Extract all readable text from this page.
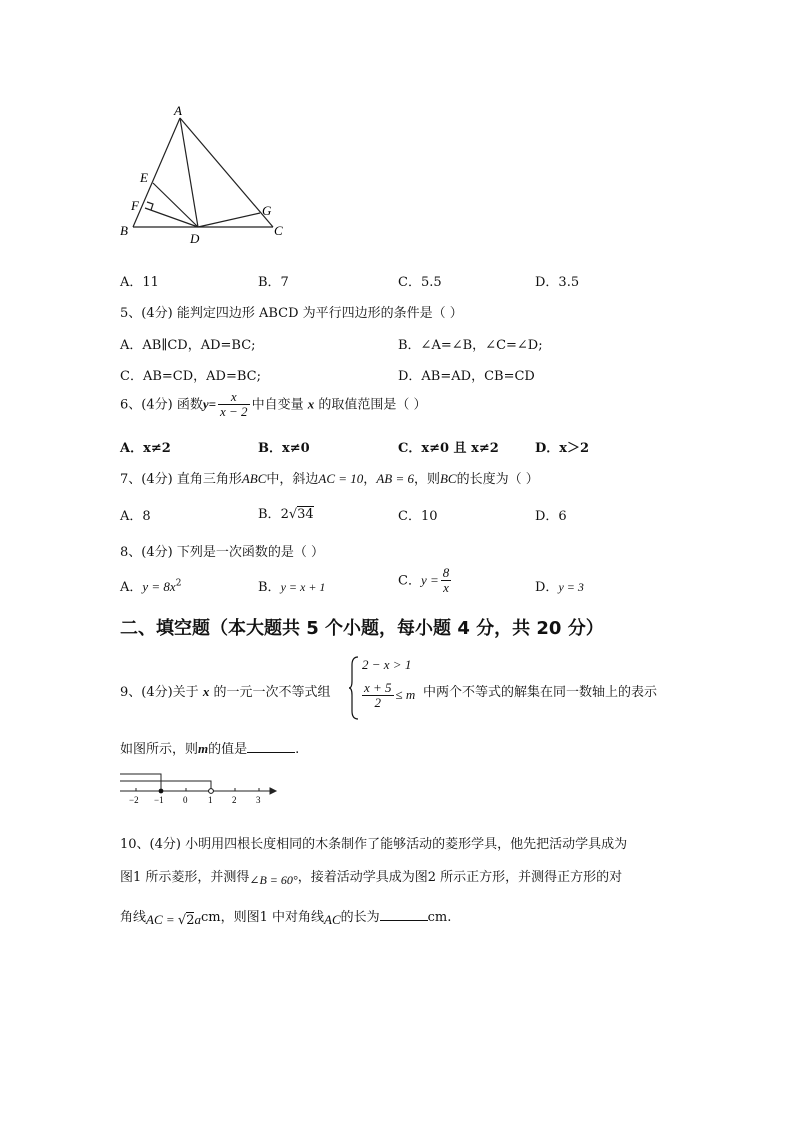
A
E
F
B
D
G
C
A．11	B．7	C．5.5	D．3.5
5、(4分) 能判定四边形 ABCD 为平行四边形的条件是（ ）
A．AB∥CD，AD=BC;	B．∠A=∠B，∠C=∠D;
C．AB=CD，AD=BC;	D．AB=AD，CB=CD
6、(4分) 函数$y= \frac{x}{x - 2}$ 中自变量 x 的取值范围是（ ）
A．x≠2	B．x≠0	C．x≠0 且 x≠2	D．x＞2
7、(4分) 直角三角形ABC中，斜边AC = 10，AB = 6，则BC的长度为（ ）
A．8	B．2√34	C．10	D．6
8、(4分) 下列是一次函数的是（ ）
A．$y = 8x^2$	B．y = x + 1	C．$y = \frac{8}{x}$	D．y = 3
二、填空题（本大题共 5 个小题，每小题 4 分，共 20 分）
9、(4分)关于 x 的一元一次不等式组
2 − x > 1
$\frac{x + 5}{2} \le m$ 中两个不等式的解集在同一数轴上的表示
如图所示，则m的值是	.
−2 −1 0 1 2 3
10、(4分) 小明用四根长度相同的木条制作了能够活动的菱形学具，他先把活动学具成为
图1 所示菱形，并测得∠B = 60°，接着活动学具成为图2 所示正方形，并测得正方形的对
角线AC = √2acm，则图1 中对角线AC的长为	cm.
